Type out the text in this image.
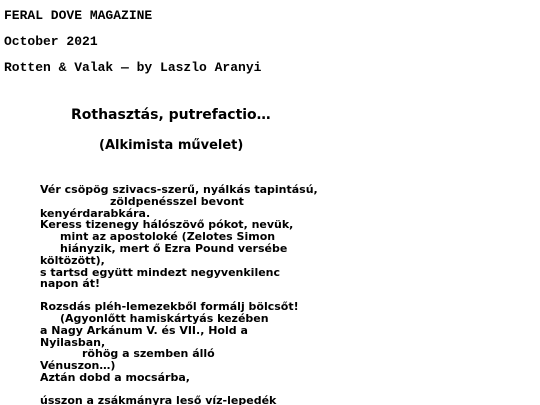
FERAL DOVE MAGAZINE
October 2021
Rotten & Valak — by Laszlo Aranyi
Rothasztás, putrefactio…
(Alkimista művelet)
Vér csöpög szivacs-szerű, nyálkás tapintású,
zöldpenésszel bevont
kenyérdarabkára.
Keress tizenegy hálószövő pókot, nevük,
mint az apostoloké (Zelotes Simon
hiányzik, mert ő Ezra Pound versébe
költözött),
s tartsd együtt mindezt negyvenkilenc
napon át!
Rozsdás pléh-lemezekből formálj bölcsőt!
(Agyonlőtt hamiskártyás kezében
a Nagy Arkánum V. és VII., Hold a
Nyilasban,
röhög a szemben álló
Vénuszon…)
Aztán dobd a mocsárba,
ússzon a zsákmányra leső víz-lepedék
